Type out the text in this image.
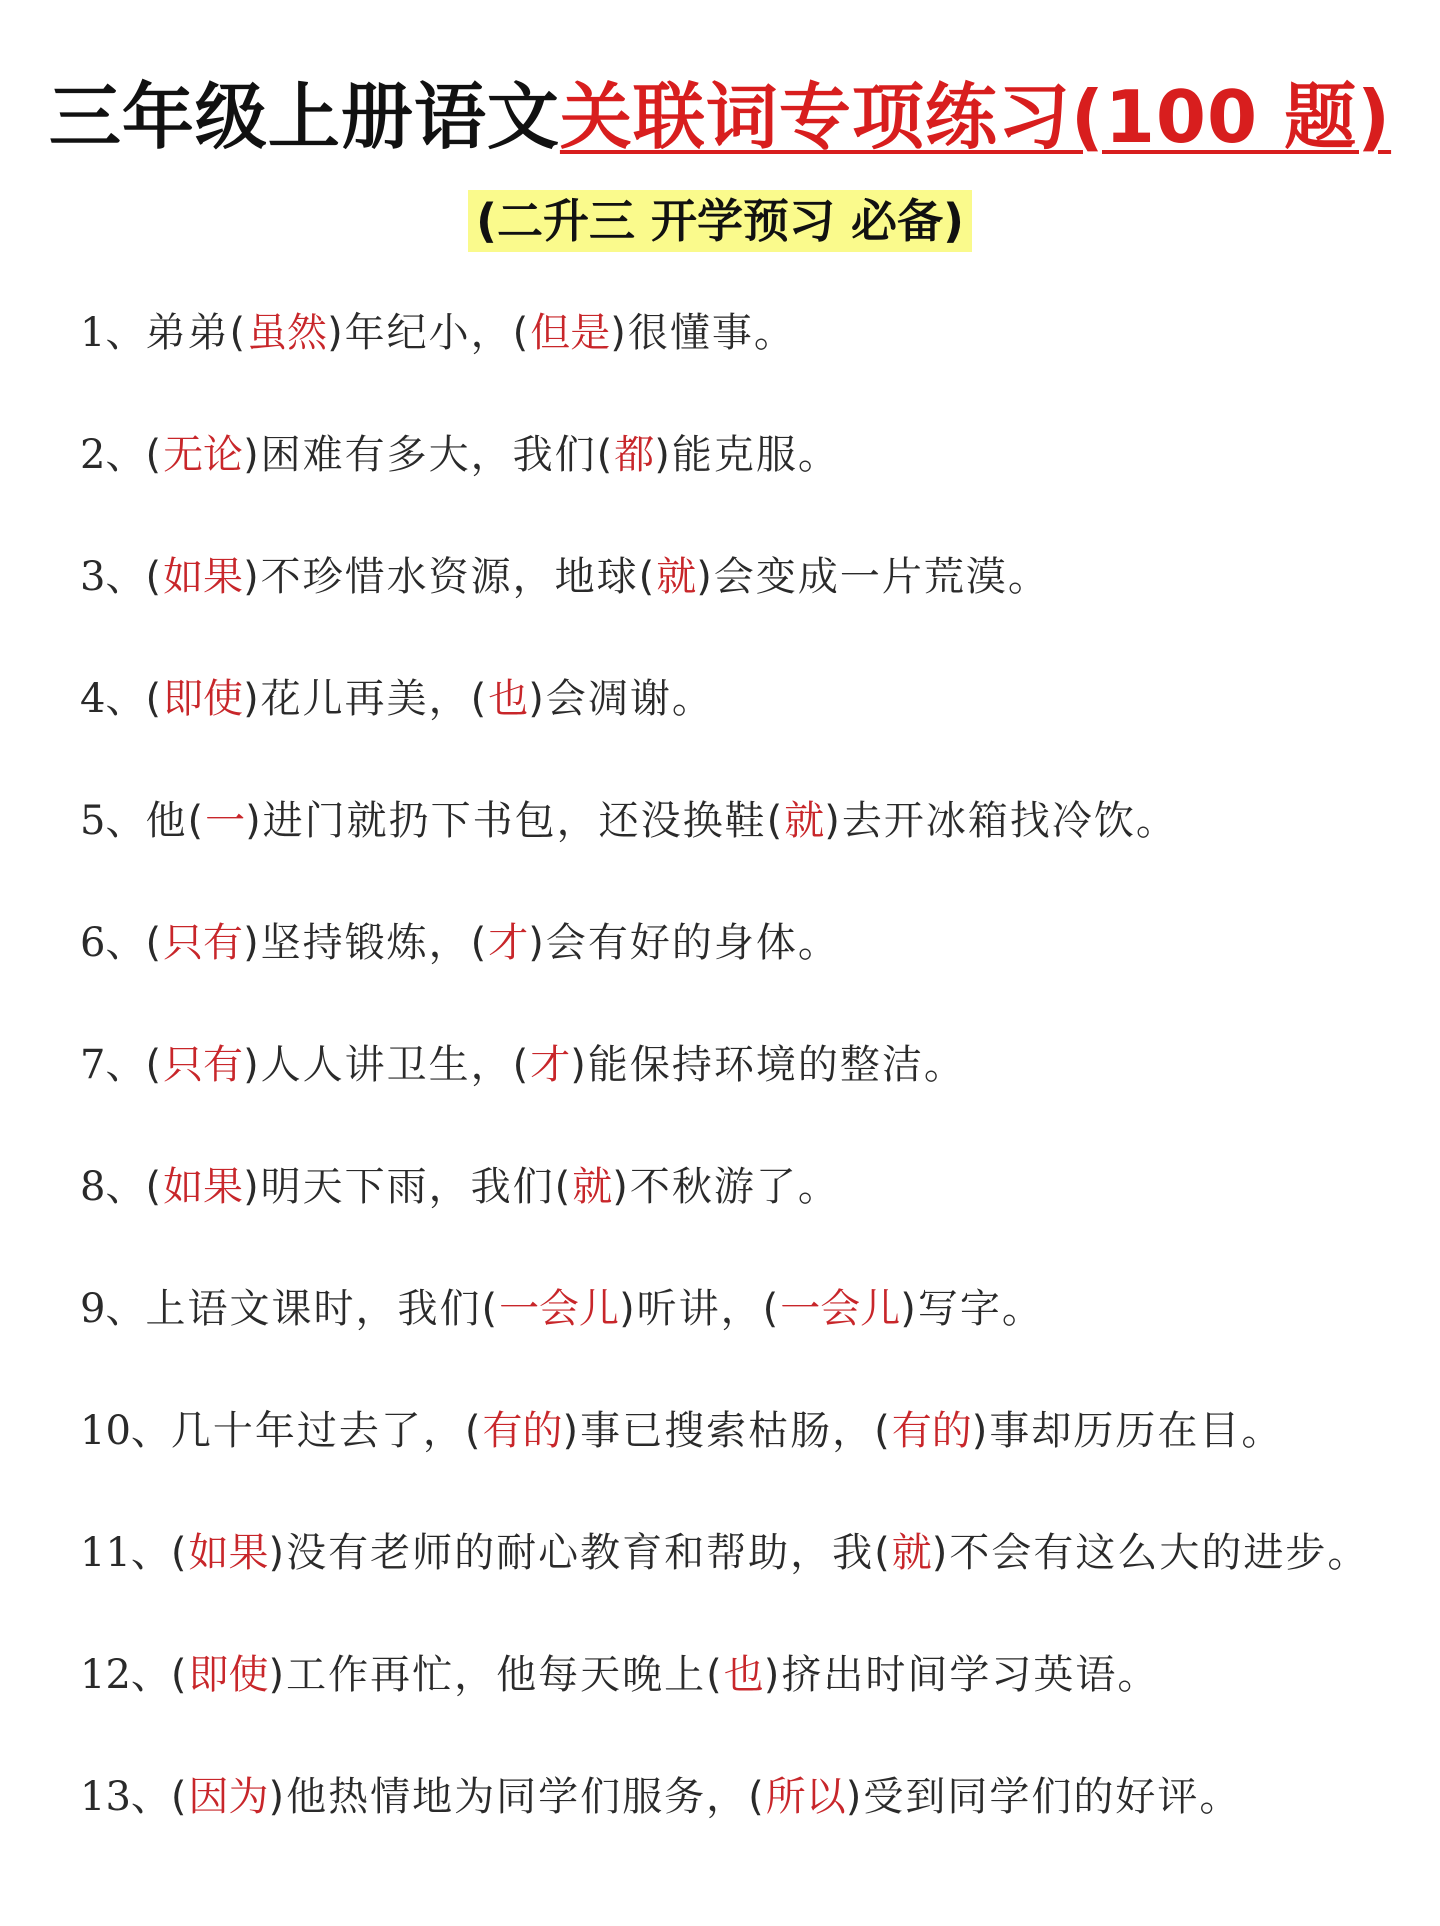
三年级上册语文关联词专项练习(100 题)
(二升三 开学预习 必备)
1、弟弟(虽然)年纪小，(但是)很懂事。
2、(无论)困难有多大，我们(都)能克服。
3、(如果)不珍惜水资源，地球(就)会变成一片荒漠。
4、(即使)花儿再美，(也)会凋谢。
5、他(一)进门就扔下书包，还没换鞋(就)去开冰箱找冷饮。
6、(只有)坚持锻炼，(才)会有好的身体。
7、(只有)人人讲卫生，(才)能保持环境的整洁。
8、(如果)明天下雨，我们(就)不秋游了。
9、上语文课时，我们(一会儿)听讲，(一会儿)写字。
10、几十年过去了，(有的)事已搜索枯肠，(有的)事却历历在目。
11、(如果)没有老师的耐心教育和帮助，我(就)不会有这么大的进步。
12、(即使)工作再忙，他每天晚上(也)挤出时间学习英语。
13、(因为)他热情地为同学们服务，(所以)受到同学们的好评。
